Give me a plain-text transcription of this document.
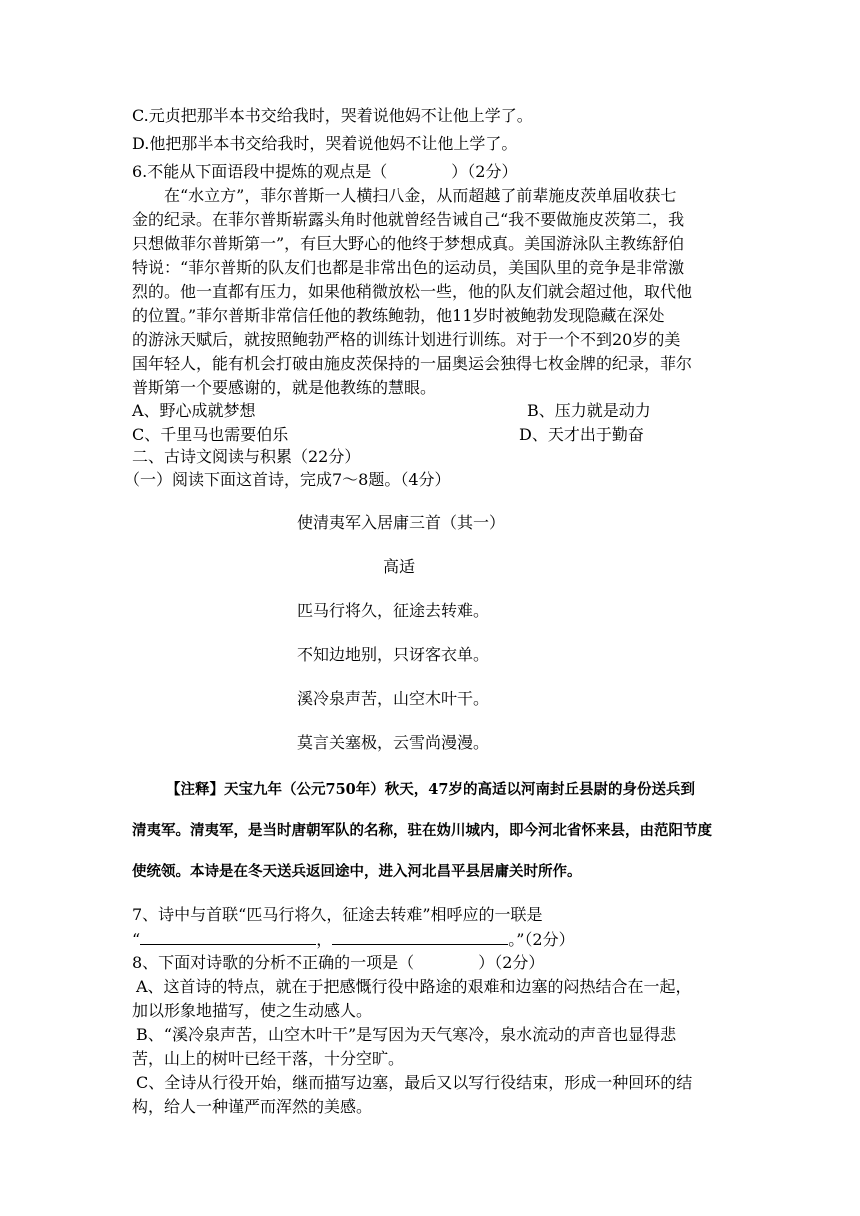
C.元贞把那半本书交给我时，哭着说他妈不让他上学了。
D.他把那半本书交给我时，哭着说他妈不让他上学了。
6.不能从下面语段中提炼的观点是（	）（2分）
在“水立方”，菲尔普斯一人横扫八金，从而超越了前辈施皮茨单届收获七
金的纪录。在菲尔普斯崭露头角时他就曾经告诫自己“我不要做施皮茨第二，我
只想做菲尔普斯第一”，有巨大野心的他终于梦想成真。美国游泳队主教练舒伯
特说：“菲尔普斯的队友们也都是非常出色的运动员，美国队里的竞争是非常激
烈的。他一直都有压力，如果他稍微放松一些，他的队友们就会超过他，取代他
的位置。”菲尔普斯非常信任他的教练鲍勃，他11岁时被鲍勃发现隐藏在深处
的游泳天赋后，就按照鲍勃严格的训练计划进行训练。对于一个不到20岁的美
国年轻人，能有机会打破由施皮茨保持的一届奥运会独得七枚金牌的纪录，菲尔
普斯第一个要感谢的，就是他教练的慧眼。
A、野心成就梦想	B、压力就是动力
C、千里马也需要伯乐	D、天才出于勤奋
二、古诗文阅读与积累（22分）
（一）阅读下面这首诗，完成7～8题。（4分）
使清夷军入居庸三首（其一）
高适
匹马行将久，征途去转难。
不知边地别，只讶客衣单。
溪冷泉声苦，山空木叶干。
莫言关塞极，云雪尚漫漫。
【注释】天宝九年（公元750年）秋天，47岁的高适以河南封丘县尉的身份送兵到
清夷军。清夷军，是当时唐朝军队的名称，驻在妫川城内，即今河北省怀来县，由范阳节度
使统领。本诗是在冬天送兵返回途中，进入河北昌平县居庸关时所作。
7、诗中与首联“匹马行将久，征途去转难”相呼应的一联是
“	，	。”（2分）
8、下面对诗歌的分析不正确的一项是（	）（2分）
A、这首诗的特点，就在于把感慨行役中路途的艰难和边塞的闷热结合在一起，
加以形象地描写，使之生动感人。
B、“溪冷泉声苦，山空木叶干”是写因为天气寒冷，泉水流动的声音也显得悲
苦，山上的树叶已经干落，十分空旷。
C、全诗从行役开始，继而描写边塞，最后又以写行役结束，形成一种回环的结
构，给人一种谨严而浑然的美感。
